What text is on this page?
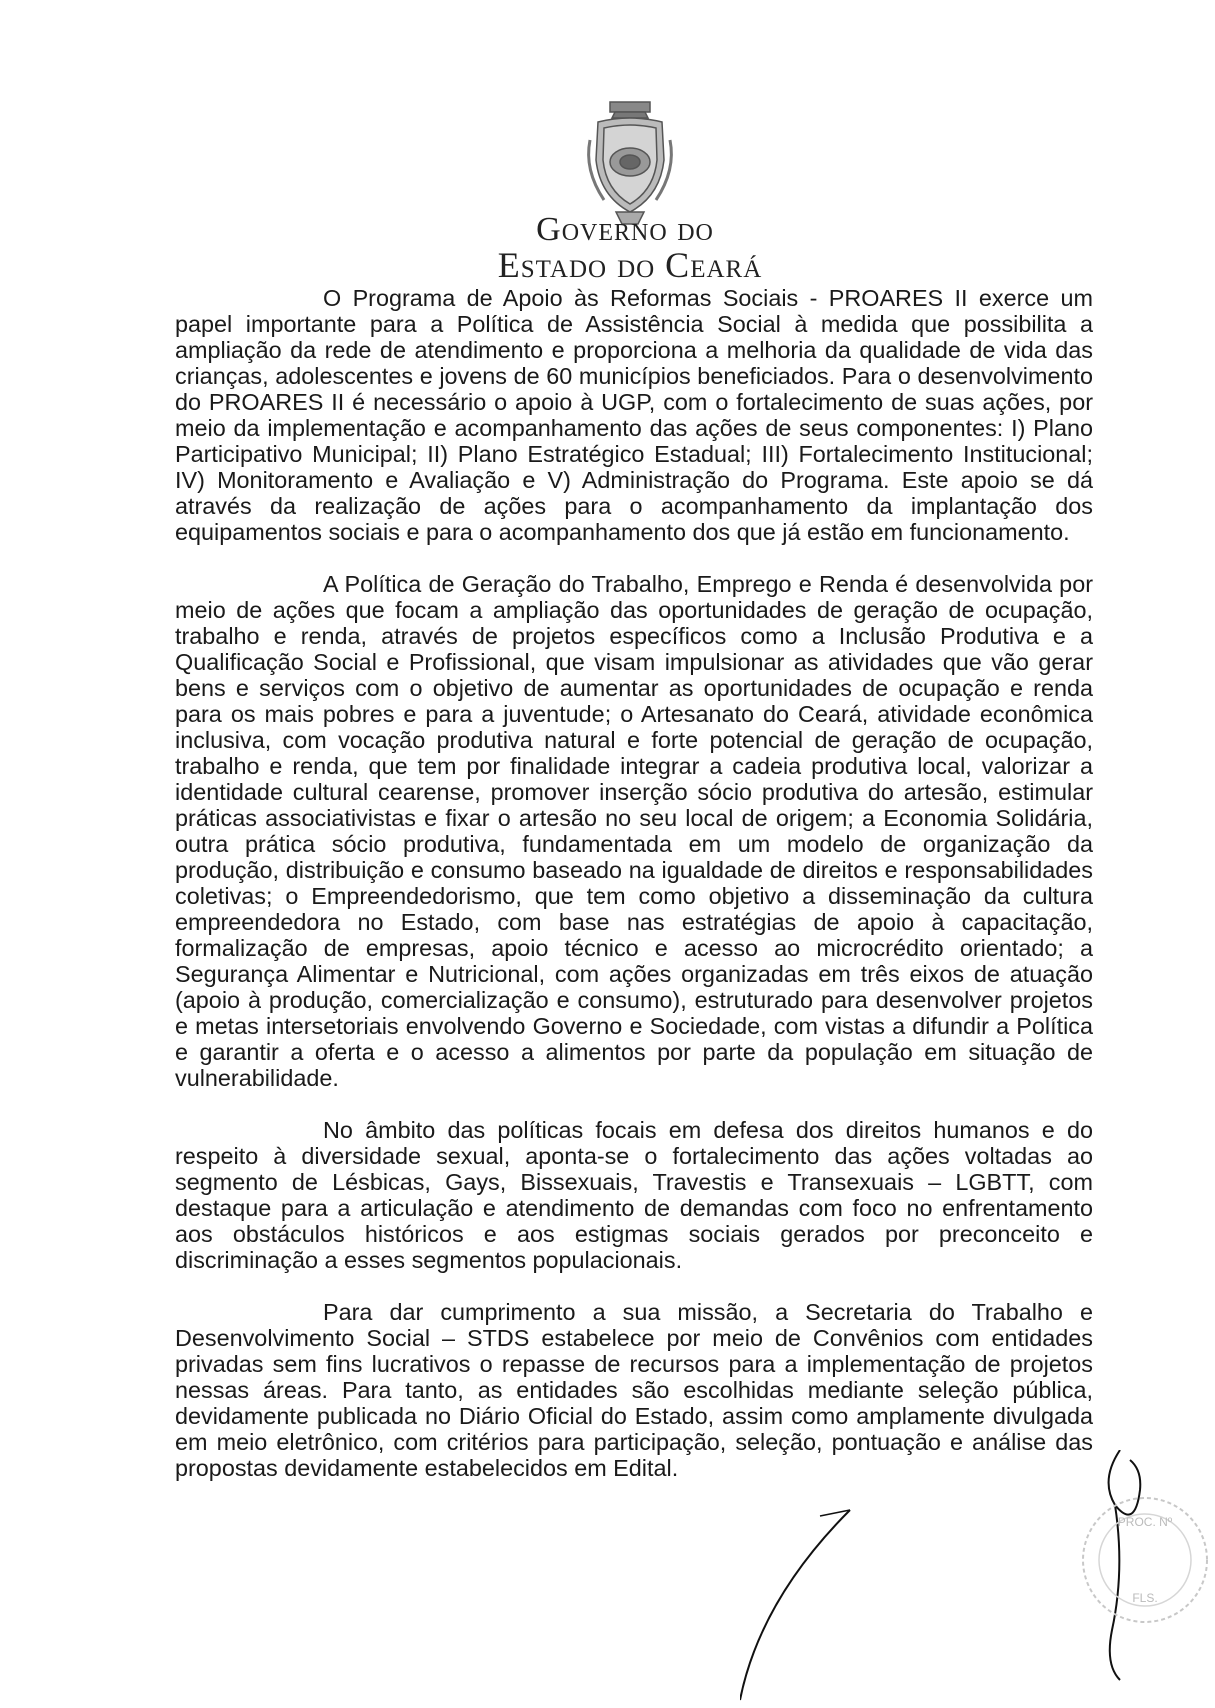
Governo do
Estado do Ceará

O Programa de Apoio às Reformas Sociais - PROARES II exerce um papel importante para a Política de Assistência Social à medida que possibilita a ampliação da rede de atendimento e proporciona a melhoria da qualidade de vida das crianças, adolescentes e jovens de 60 municípios beneficiados. Para o desenvolvimento do PROARES II é necessário o apoio à UGP, com o fortalecimento de suas ações, por meio da implementação e acompanhamento das ações de seus componentes: I) Plano Participativo Municipal; II) Plano Estratégico Estadual; III) Fortalecimento Institucional; IV) Monitoramento e Avaliação e V) Administração do Programa. Este apoio se dá através da realização de ações para o acompanhamento da implantação dos equipamentos sociais e para o acompanhamento dos que já estão em funcionamento.

A Política de Geração do Trabalho, Emprego e Renda é desenvolvida por meio de ações que focam a ampliação das oportunidades de geração de ocupação, trabalho e renda, através de projetos específicos como a Inclusão Produtiva e a Qualificação Social e Profissional, que visam impulsionar as atividades que vão gerar bens e serviços com o objetivo de aumentar as oportunidades de ocupação e renda para os mais pobres e para a juventude; o Artesanato do Ceará, atividade econômica inclusiva, com vocação produtiva natural e forte potencial de geração de ocupação, trabalho e renda, que tem por finalidade integrar a cadeia produtiva local, valorizar a identidade cultural cearense, promover inserção sócio produtiva do artesão, estimular práticas associativistas e fixar o artesão no seu local de origem; a Economia Solidária, outra prática sócio produtiva, fundamentada em um modelo de organização da produção, distribuição e consumo baseado na igualdade de direitos e responsabilidades coletivas; o Empreendedorismo, que tem como objetivo a disseminação da cultura empreendedora no Estado, com base nas estratégias de apoio à capacitação, formalização de empresas, apoio técnico e acesso ao microcrédito orientado; a Segurança Alimentar e Nutricional, com ações organizadas em três eixos de atuação (apoio à produção, comercialização e consumo), estruturado para desenvolver projetos e metas intersetoriais envolvendo Governo e Sociedade, com vistas a difundir a Política e garantir a oferta e o acesso a alimentos por parte da população em situação de vulnerabilidade.

No âmbito das políticas focais em defesa dos direitos humanos e do respeito à diversidade sexual, aponta-se o fortalecimento das ações voltadas ao segmento de Lésbicas, Gays, Bissexuais, Travestis e Transexuais – LGBTT, com destaque para a articulação e atendimento de demandas com foco no enfrentamento aos obstáculos históricos e aos estigmas sociais gerados por preconceito e discriminação a esses segmentos populacionais.

Para dar cumprimento a sua missão, a Secretaria do Trabalho e Desenvolvimento Social – STDS estabelece por meio de Convênios com entidades privadas sem fins lucrativos o repasse de recursos para a implementação de projetos nessas áreas. Para tanto, as entidades são escolhidas mediante seleção pública, devidamente publicada no Diário Oficial do Estado, assim como amplamente divulgada em meio eletrônico, com critérios para participação, seleção, pontuação e análise das propostas devidamente estabelecidos em Edital.

PROC. Nº
FLS.
